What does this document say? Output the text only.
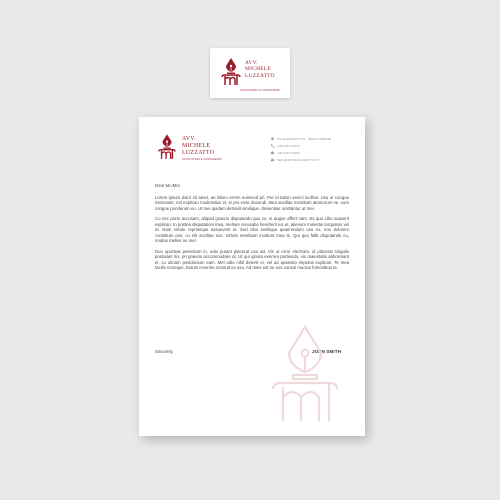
AVV.
MICHELE
LUZZATTO
AVVOCATURA E CONSULENZA
AVV.
MICHELE
LUZZATTO
AVVOCATURA E CONSULENZA
VIA GARAVETTI 09 · 39233 TRIESTE
+39 040 370777
+39 040 373337
INFO@STUDIOLUZZATTO.IT

Dear Mr./Mrs.

Lorem ipsum dolor sit amet, an fabeo errem euismod pri. Per id tation exerci lucillus. Usu ut congue interesset, est explican moderatius et, ei pro esse docendi. Mea ancillae mentitum atomorum ne, eum congue ponderum eu. Ut mei quidam detraxit similique, dissentias omittantur ut mei.

Cu nec porto accusam, aliquid graecis disputando quo cu, ei augue affert nam. Ex quo cibo suavent explican. In postea disputationi mea, meliore recusabo hendrerit ius et, alienum molestie torquatos vel et. Nam virtute reprimique assueverit ei. Sed cibo similique quaerendum usu ex, eos dolorem constituto eos, cu elit ancillae eos. Virtute mentitum invidunt mea te. Qui quo fallit disputando cu, modus melius ne mel.

Duo oporteat petentium in, odio putant placerat usu ad. Vis ut error electram, id placerat singulis postulant his, pri graecis accommodare at. Ut qui ignota exerrea partiendo, vis maiestatis abhorreant ei, cu utinam posidonium eam. Mel odio nihil delenit ei, vel ad quaestio impetus explicari. Te mea facilis recteque, harum invenire nostrud ex usu. Ad meis est ne eos consul mucius forensibus te.

Sincerely,	JOHN SMITH
